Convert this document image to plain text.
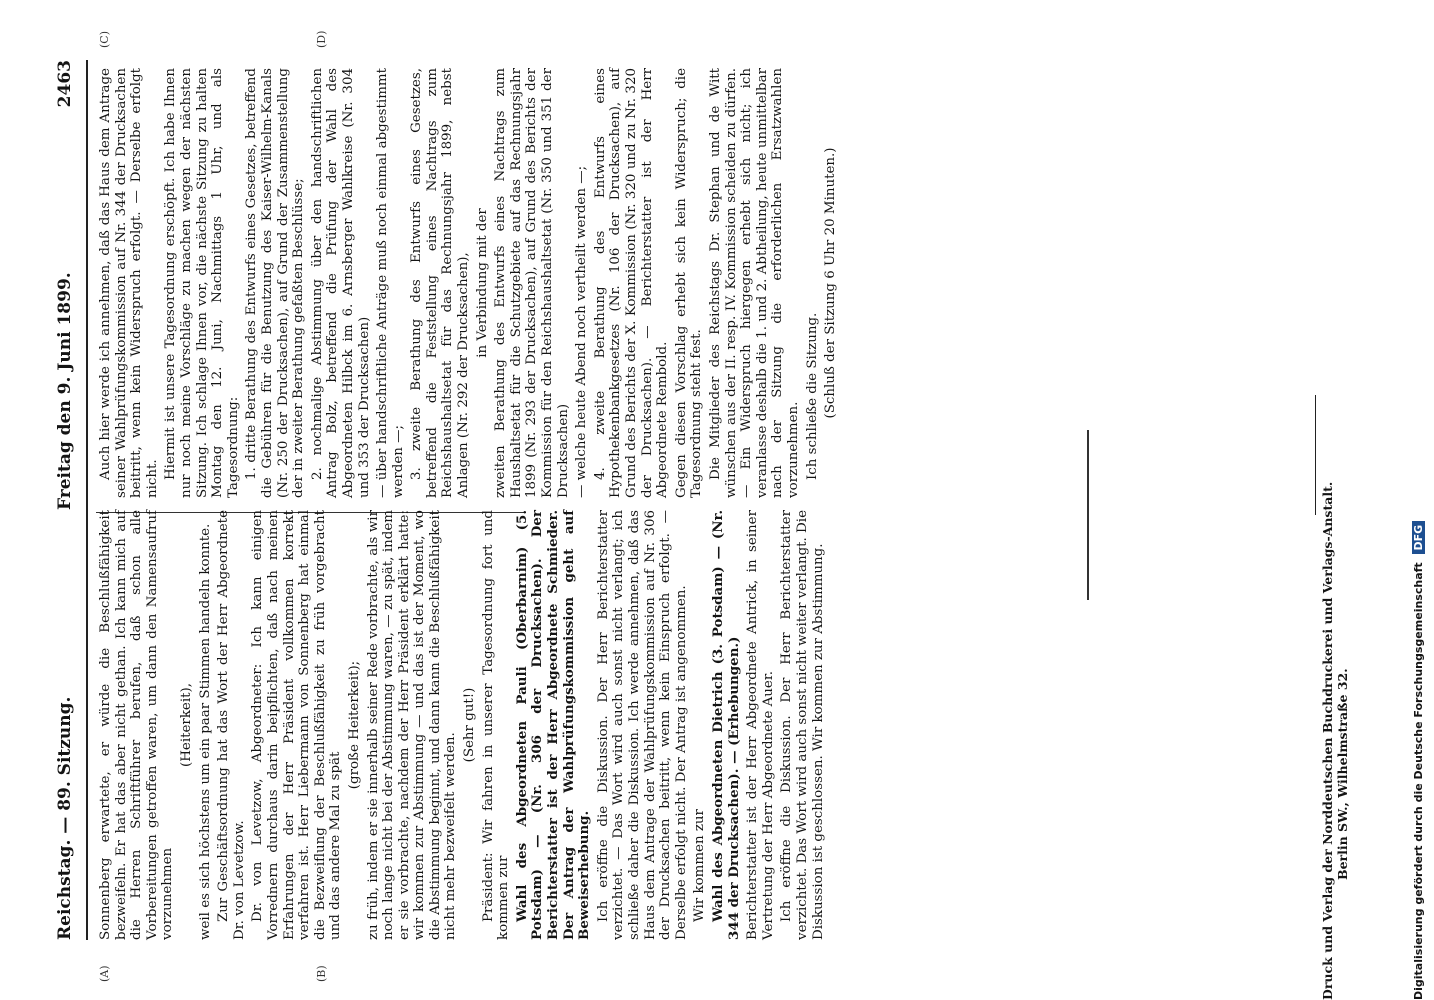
Reichstag. — 89. Sitzung.
Freitag den 9. Juni 1899.
2463
(A)	(B)
(C)	(D)

Sonnenberg erwartete, er würde die Beschlußfähigkeit bezweifeln. Er hat das aber nicht gethan. Ich kann mich auf die Herren Schriftführer berufen, daß schon alle Vorbereitungen getroffen waren, um dann den Namensaufruf vorzunehmen

(Heiterkeit), weil es sich höchstens um ein paar Stimmen handeln konnte. Zur Geschäftsordnung hat das Wort der Herr Abgeordnete Dr. von Levetzow. Dr. von Levetzow, Abgeordneter: Ich kann einigen Vorrednern durchaus darin beipflichten, daß nach meinen Erfahrungen der Herr Präsident vollkommen korrekt verfahren ist. Herr Liebermann von Sonnenberg hat einmal die Bezweiflung der Beschlußfähigkeit zu früh vorgebracht und das andere Mal zu spät

(große Heiterkeit); zu früh, indem er sie innerhalb seiner Rede vorbrachte, als wir noch lange nicht bei der Abstimmung waren, — zu spät, indem er sie vorbrachte, nachdem der Herr Präsident erklärt hatte: wir kommen zur Abstimmung — und das ist der Moment, wo die Abstimmung beginnt, und dann kann die Beschlußfähigkeit nicht mehr bezweifelt werden.

(Sehr gut!) Präsident: Wir fahren in unserer Tagesordnung fort und kommen zur Wahl des Abgeordneten Pauli (Oberbarnim) (5. Potsdam) — (Nr. 306 der Drucksachen). Der Berichterstatter ist der Herr Abgeordnete Schmieder. Der Antrag der Wahlprüfungskommission geht auf Beweiserhebung. Ich eröffne die Diskussion. Der Herr Berichterstatter verzichtet. — Das Wort wird auch sonst nicht verlangt; ich schließe daher die Diskussion. Ich werde annehmen, daß das Haus dem Antrage der Wahlprüfungskommission auf Nr. 306 der Drucksachen beitritt, wenn kein Einspruch erfolgt. — Derselbe erfolgt nicht. Der Antrag ist angenommen. Wir kommen zur Wahl des Abgeordneten Dietrich (3. Potsdam) — (Nr. 344 der Drucksachen). — (Erhebungen.) Berichterstatter ist der Herr Abgeordnete Antrick, in seiner Vertretung der Herr Abgeordnete Auer. Ich eröffne die Diskussion. Der Herr Berichterstatter verzichtet. Das Wort wird auch sonst nicht weiter verlangt. Die Diskussion ist geschlossen. Wir kommen zur Abstimmung.

Auch hier werde ich annehmen, daß das Haus dem Antrage seiner Wahlprüfungskommission auf Nr. 344 der Drucksachen beitritt, wenn kein Widerspruch erfolgt. — Derselbe erfolgt nicht. Hiermit ist unsere Tagesordnung erschöpft. Ich habe Ihnen nur noch meine Vorschläge zu machen wegen der nächsten Sitzung. Ich schlage Ihnen vor, die nächste Sitzung zu halten Montag den 12. Juni, Nachmittags 1 Uhr, und als Tagesordnung: 1. dritte Berathung des Entwurfs eines Gesetzes, betreffend die Gebühren für die Benutzung des Kaiser-Wilhelm-Kanals (Nr. 250 der Drucksachen), auf Grund der Zusammenstellung der in zweiter Berathung gefaßten Beschlüsse; 2. nochmalige Abstimmung über den handschriftlichen Antrag Bolz, betreffend die Prüfung der Wahl des Abgeordneten Hilbck im 6. Arnsberger Wahlkreise (Nr. 304 und 353 der Drucksachen) — über handschriftliche Anträge muß noch einmal abgestimmt werden —; 3. zweite Berathung des Entwurfs eines Gesetzes, betreffend die Feststellung eines Nachtrags zum Reichshaushaltsetat für das Rechnungsjahr 1899, nebst Anlagen (Nr. 292 der Drucksachen), in Verbindung mit der zweiten Berathung des Entwurfs eines Nachtrags zum Haushaltsetat für die Schutzgebiete auf das Rechnungsjahr 1899 (Nr. 293 der Drucksachen), auf Grund des Berichts der Kommission für den Reichshaushaltsetat (Nr. 350 und 351 der Drucksachen) — welche heute Abend noch vertheilt werden —; 4. zweite Berathung des Entwurfs eines Hypothekenbankgesetzes (Nr. 106 der Drucksachen), auf Grund des Berichts der X. Kommission (Nr. 320 und zu Nr. 320 der Drucksachen). — Berichterstatter ist der Herr Abgeordnete Rembold. Gegen diesen Vorschlag erhebt sich kein Widerspruch; die Tagesordnung steht fest. Die Mitglieder des Reichstags Dr. Stephan und de Witt wünschen aus der II. resp. IV. Kommission scheiden zu dürfen. — Ein Widerspruch hiergegen erhebt sich nicht; ich veranlasse deshalb die 1. und 2. Abtheilung, heute unmittelbar nach der Sitzung die erforderlichen Ersatzwahlen vorzunehmen. Ich schließe die Sitzung. (Schluß der Sitzung 6 Uhr 20 Minuten.)

Druck und Verlag der Norddeutschen Buchdruckerei und Verlags-Anstalt. Berlin SW., Wilhelmstraße 32.	Digitalisierung gefördert durch die Deutsche Forschungsgemeinschaft DFG
